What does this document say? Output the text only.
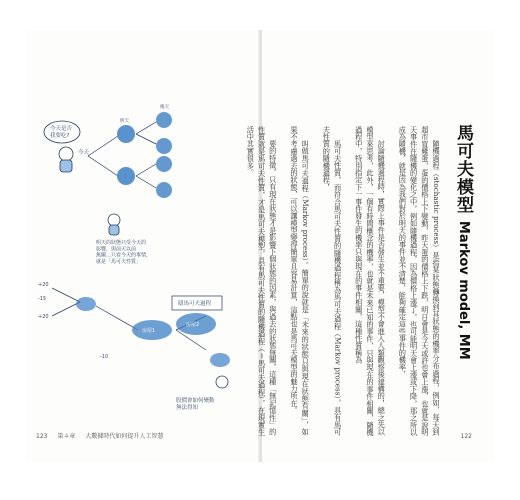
今天是否我要吃?
今天
明天
後天
明天的狀態只受今天的影響，與前天以前無關…只看今天的事情，就是「馬可夫性質」
+20
-15
+20
-10
隱馬可夫過程
房屋1
房屋2
股價會如何變動無法得知
123 第４章 大數據時代如何提升人工智慧
馬可夫模型 Markov model, MM

隨機過程（stochastic process）是指某狀態轉換到其狀態的機率分布過程，例如，每天到超市買雞蛋，蛋的價格上下變動，昨天蛋的價格上下跌，明日會是今天或許也會上漲，也就是說明天事件在隨機的變化之中，例如隨機過程，因為價格上漲了，也可能明天會上漲或下降，那之所以成為隨機，就是因為我們對於明天的事件並不清楚，能夠確定這些事件的機率，

討論隨機過程時，實際上事件是否發生並不重要，模型不會進入人類觀察後建構的，總之先以模型來思考，此外，一個有時間概念的機率，也就是未來已知的事件，只與現在的事件相關，隨機過程中，特別指定下一事件發生的機率只與現在的事件相關，這種性質稱為

馬可夫性質，而符合馬可夫性質的隨機過程稱為馬可夫過程（Markov process），具有馬可夫性質的隨機過程，

叫做馬可夫過程（Markov process）。簡單的說就是「未來的狀態只與現在狀態有關」，如果不考慮過去的狀態，可以讓模型變得簡單且容易計算，這點也是馬可夫模型的魅力所在。

要的特徵，只有現在狀態才是影響下個狀態的因素，與過去的狀態無關，這種「無記憶性」的性質就是馬可夫性質，才是馬可夫模型，具有馬可夫性質的隨機過程（＝馬可夫過程），在現實生活中其實很多。

122
